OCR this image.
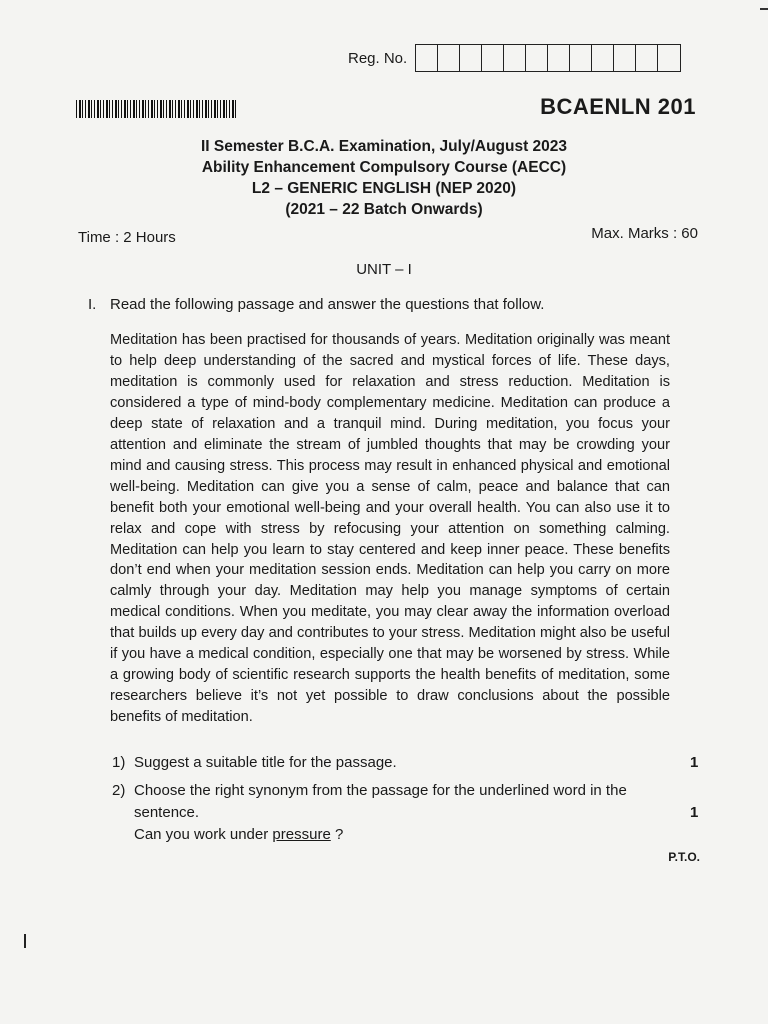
Reg. No.
BCAENLN 201
II Semester B.C.A. Examination, July/August 2023
Ability Enhancement Compulsory Course (AECC)
L2 – GENERIC ENGLISH (NEP 2020)
(2021 – 22 Batch Onwards)
Time : 2 Hours	Max. Marks : 60
UNIT – I
I. Read the following passage and answer the questions that follow.
Meditation has been practised for thousands of years. Meditation originally was meant to help deep understanding of the sacred and mystical forces of life. These days, meditation is commonly used for relaxation and stress reduction. Meditation is considered a type of mind-body complementary medicine. Meditation can produce a deep state of relaxation and a tranquil mind. During meditation, you focus your attention and eliminate the stream of jumbled thoughts that may be crowding your mind and causing stress. This process may result in enhanced physical and emotional well-being. Meditation can give you a sense of calm, peace and balance that can benefit both your emotional well-being and your overall health. You can also use it to relax and cope with stress by refocusing your attention on something calming. Meditation can help you learn to stay centered and keep inner peace. These benefits don’t end when your meditation session ends. Meditation can help you carry on more calmly through your day. Meditation may help you manage symptoms of certain medical conditions. When you meditate, you may clear away the information overload that builds up every day and contributes to your stress. Meditation might also be useful if you have a medical condition, especially one that may be worsened by stress. While a growing body of scientific research supports the health benefits of meditation, some researchers believe it’s not yet possible to draw conclusions about the possible benefits of meditation.
1) Suggest a suitable title for the passage.	1
2) Choose the right synonym from the passage for the underlined word in the sentence.	1
Can you work under pressure ?
P.T.O.
